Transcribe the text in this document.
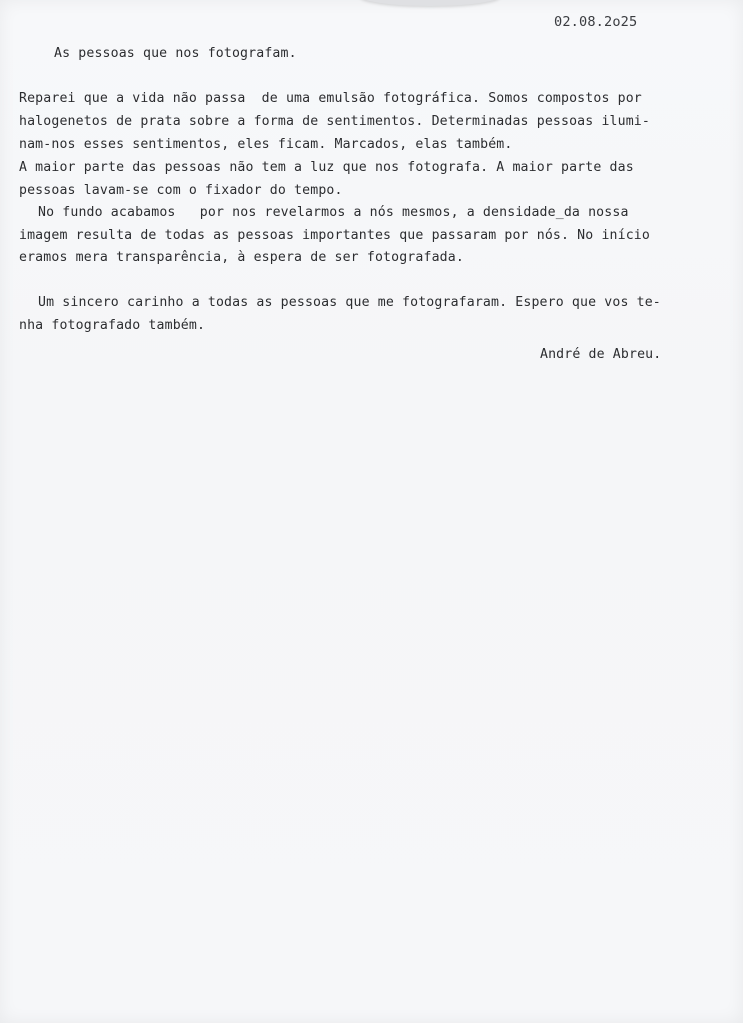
02.08.2o25
As pessoas que nos fotografam.
Reparei que a vida não passa  de uma emulsão fotográfica. Somos compostos por
halogenetos de prata sobre a forma de sentimentos. Determinadas pessoas ilumi-
nam-nos esses sentimentos, eles ficam. Marcados, elas também.
A maior parte das pessoas não tem a luz que nos fotografa. A maior parte das
pessoas lavam-se com o fixador do tempo.
No fundo acabamos   por nos revelarmos a nós mesmos, a densidade_da nossa
imagem resulta de todas as pessoas importantes que passaram por nós. No início
eramos mera transparência, à espera de ser fotografada.
Um sincero carinho a todas as pessoas que me fotografaram. Espero que vos te-
nha fotografado também.
André de Abreu.
